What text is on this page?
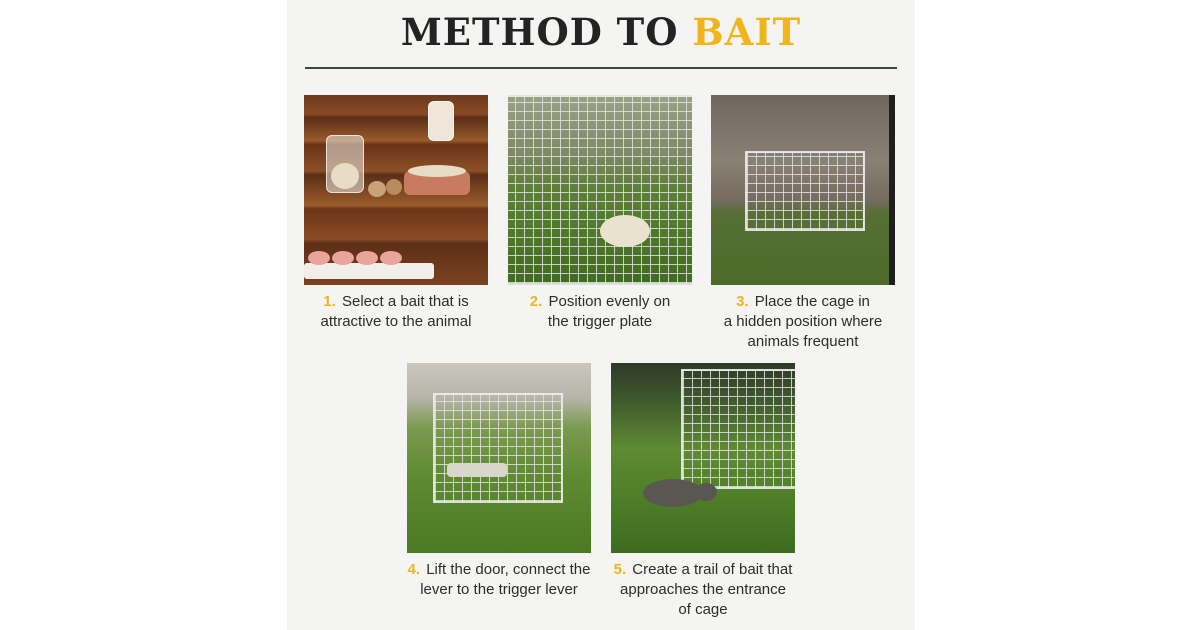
METHOD TO BAIT
1. Select a bait that is
attractive to the animal
2. Position evenly on
the trigger plate
3. Place the cage in
a hidden position where
animals frequent
4. Lift the door, connect the
lever to the trigger lever
5. Create a trail of bait that
approaches the entrance
of cage
